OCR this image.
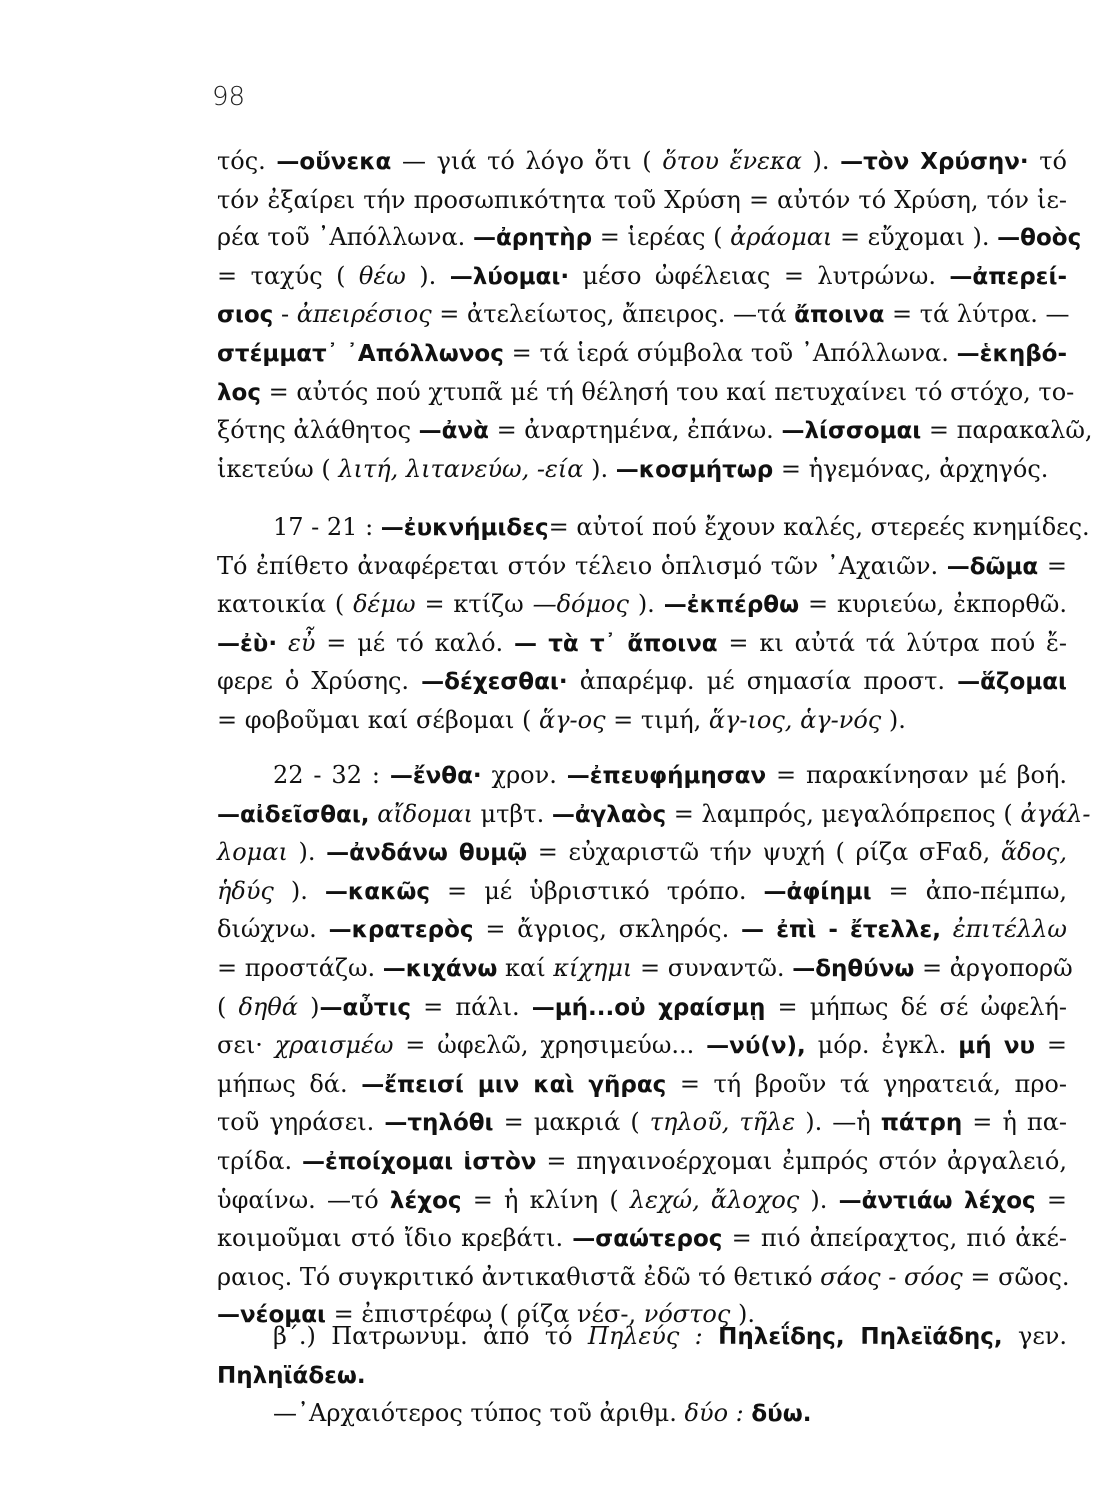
98
τός. —οὕνεκα — γιά τό λόγο ὅτι ( ὅτου ἕνεκα ). —τὸν Χρύσην· τό
τόν ἐξαίρει τήν προσωπικότητα τοῦ Χρύση = αὐτόν τό Χρύση, τόν ἱε-
ρέα τοῦ ᾿Απόλλωνα. —ἀρητὴρ = ἱερέας ( ἀράομαι = εὔχομαι ). —θοὸς
= ταχύς ( θέω ). —λύομαι· μέσο ὠφέλειας = λυτρώνω. —ἀπερεί-
σιος - ἀπειρέσιος = ἀτελείωτος, ἄπειρος. —τά ἄποινα = τά λύτρα. —
στέμματ᾿ ᾿Απόλλωνος = τά ἱερά σύμβολα τοῦ ᾿Απόλλωνα. —ἑκηβό-
λος = αὐτός πού χτυπᾶ μέ τή θέλησή του καί πετυχαίνει τό στόχο, το-
ξότης ἀλάθητος —ἀνὰ = ἀναρτημένα, ἐπάνω. —λίσσομαι = παρακαλῶ,
ἱκετεύω ( λιτή, λιτανεύω, -εία ). —κοσμήτωρ = ἡγεμόνας, ἀρχηγός.
17 - 21 : —ἐυκνήμιδες= αὐτοί πού ἔχουν καλές, στερεές κνημίδες.
Τό ἐπίθετο ἀναφέρεται στόν τέλειο ὁπλισμό τῶν ᾿Αχαιῶν. —δῶμα =
κατοικία ( δέμω = κτίζω —δόμος ). —ἐκπέρθω = κυριεύω, ἐκπορθῶ.
—ἐὺ· εὖ = μέ τό καλό. — τὰ τ᾿ ἄποινα = κι αὐτά τά λύτρα πού ἔ-
φερε ὁ Χρύσης. —δέχεσθαι· ἀπαρέμφ. μέ σημασία προστ. —ἅζομαι
= φοβοῦμαι καί σέβομαι ( ἅγ-ος = τιμή, ἅγ-ιος, ἁγ-νός ).
22 - 32 : —ἔνθα· χρον. —ἐπευφήμησαν = παρακίνησαν μέ βοή.
—αἰδεῖσθαι, αἴδομαι μτβτ. —ἀγλαὸς = λαμπρός, μεγαλόπρεπος ( ἀγάλ-
λομαι ). —ἀνδάνω θυμῷ = εὐχαριστῶ τήν ψυχή ( ρίζα σFαδ, ἅδος,
ἡδύς ). —κακῶς = μέ ὑβριστικό τρόπο. —ἀφίημι = ἀπο-πέμπω,
διώχνω. —κρατερὸς = ἄγριος, σκληρός. — ἐπὶ - ἔτελλε, ἐπιτέλλω
= προστάζω. —κιχάνω καί κίχημι = συναντῶ. —δηθύνω = ἀργοπορῶ
( δηθά )—αὖτις = πάλι. —μή...οὐ χραίσμῃ = μήπως δέ σέ ὠφελή-
σει· χραισμέω = ὠφελῶ, χρησιμεύω... —νύ(ν), μόρ. ἐγκλ. μή νυ =
μήπως δά. —ἔπεισί μιν καὶ γῆρας = τή βρoῦν τά γηρατειά, προ-
τοῦ γηράσει. —τηλόθι = μακριά ( τηλοῦ, τῆλε ). —ἡ πάτρη = ἡ πα-
τρίδα. —ἐποίχομαι ἱστὸν = πηγαινοέρχομαι ἐμπρός στόν ἀργαλειό,
ὑφαίνω. —τό λέχος = ἡ κλίνη ( λεχώ, ἄλοχος ). —ἀντιάω λέχος =
κοιμοῦμαι στό ἴδιο κρεβάτι. —σαώτερος = πιό ἀπείραχτος, πιό ἀκέ-
ραιος. Τό συγκριτικό ἀντικαθιστᾶ ἐδῶ τό θετικό σάος - σόος = σῶος.
—νέομαι = ἐπιστρέφω ( ρίζα νέσ-, νόστος ).
β΄.) Πατρωνυμ. ἀπό τό Πηλεύς : Πηλεΐδης, Πηλεϊάδης, γεν.
Πηληϊάδεω.
—᾿Αρχαιότερος τύπος τοῦ ἀριθμ. δύο : δύω.
